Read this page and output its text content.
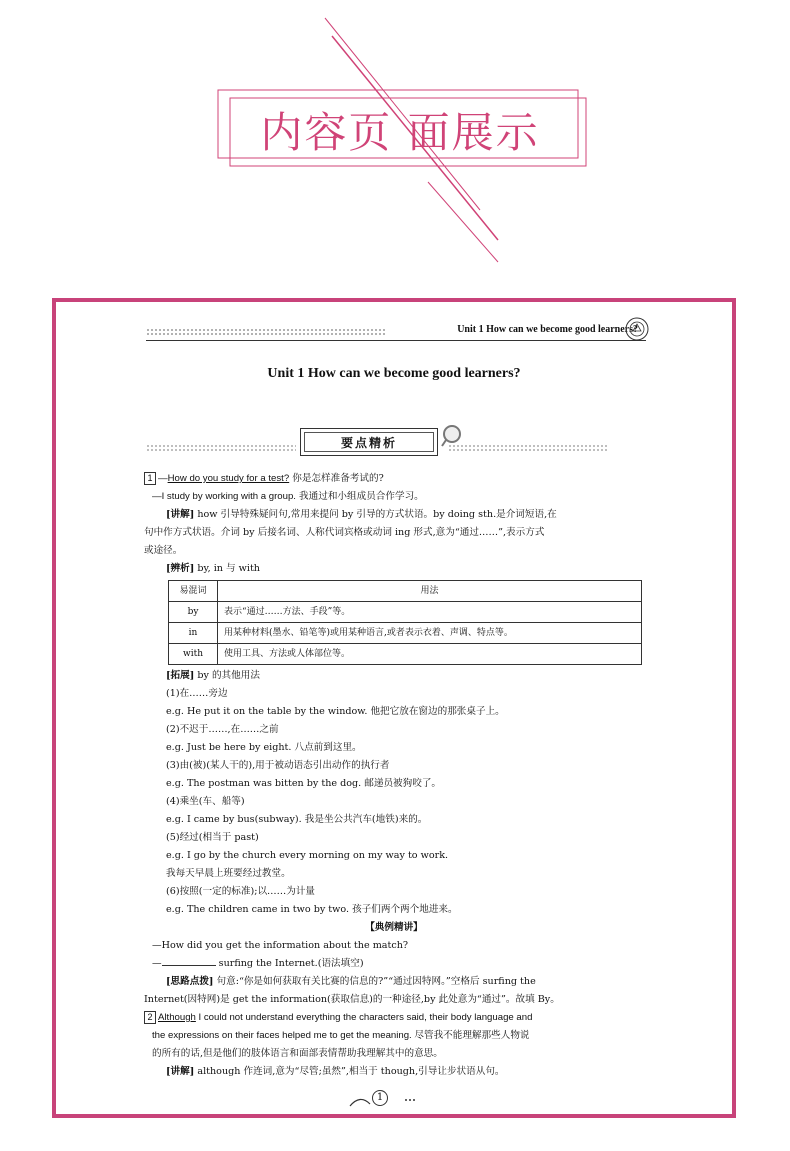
内容页 面展示
Unit 1 How can we become good learners?
Unit 1 How can we become good learners?
要点精析
1 —How do you study for a test? 你是怎样准备考试的?
—I study by working with a group. 我通过和小组成员合作学习。
[讲解] how 引导特殊疑问句,常用来提问 by 引导的方式状语。by doing sth.是介词短语,在
句中作方式状语。介词 by 后接名词、人称代词宾格或动词 ing 形式,意为“通过……”,表示方式
或途径。
[辨析] by, in 与 with
易混词	用法
by	表示“通过……方法、手段”等。
in	用某种材料(墨水、铅笔等)或用某种语言,或者表示衣着、声调、特点等。
with	使用工具、方法或人体部位等。
[拓展] by 的其他用法
(1)在……旁边
e.g. He put it on the table by the window. 他把它放在窗边的那张桌子上。
(2)不迟于……,在……之前
e.g. Just be here by eight. 八点前到这里。
(3)由(被)(某人干的),用于被动语态引出动作的执行者
e.g. The postman was bitten by the dog. 邮递员被狗咬了。
(4)乘坐(车、船等)
e.g. I came by bus(subway). 我是坐公共汽车(地铁)来的。
(5)经过(相当于 past)
e.g. I go by the church every morning on my way to work.
我每天早晨上班要经过教堂。
(6)按照(一定的标准);以……为计量
e.g. The children came in two by two. 孩子们两个两个地进来。
【典例精讲】
—How did you get the information about the match?
—	surfing the Internet.(语法填空)
[思路点拨] 句意:“你是如何获取有关比赛的信息的?”“通过因特网。”空格后 surfing the
Internet(因特网)是 get the information(获取信息)的一种途径,by 此处意为“通过”。故填 By。
2 Although I could not understand everything the characters said, their body language and
the expressions on their faces helped me to get the meaning. 尽管我不能理解那些人物说
的所有的话,但是他们的肢体语言和面部表情帮助我理解其中的意思。
[讲解] although 作连词,意为“尽管;虽然”,相当于 though,引导让步状语从句。
1
